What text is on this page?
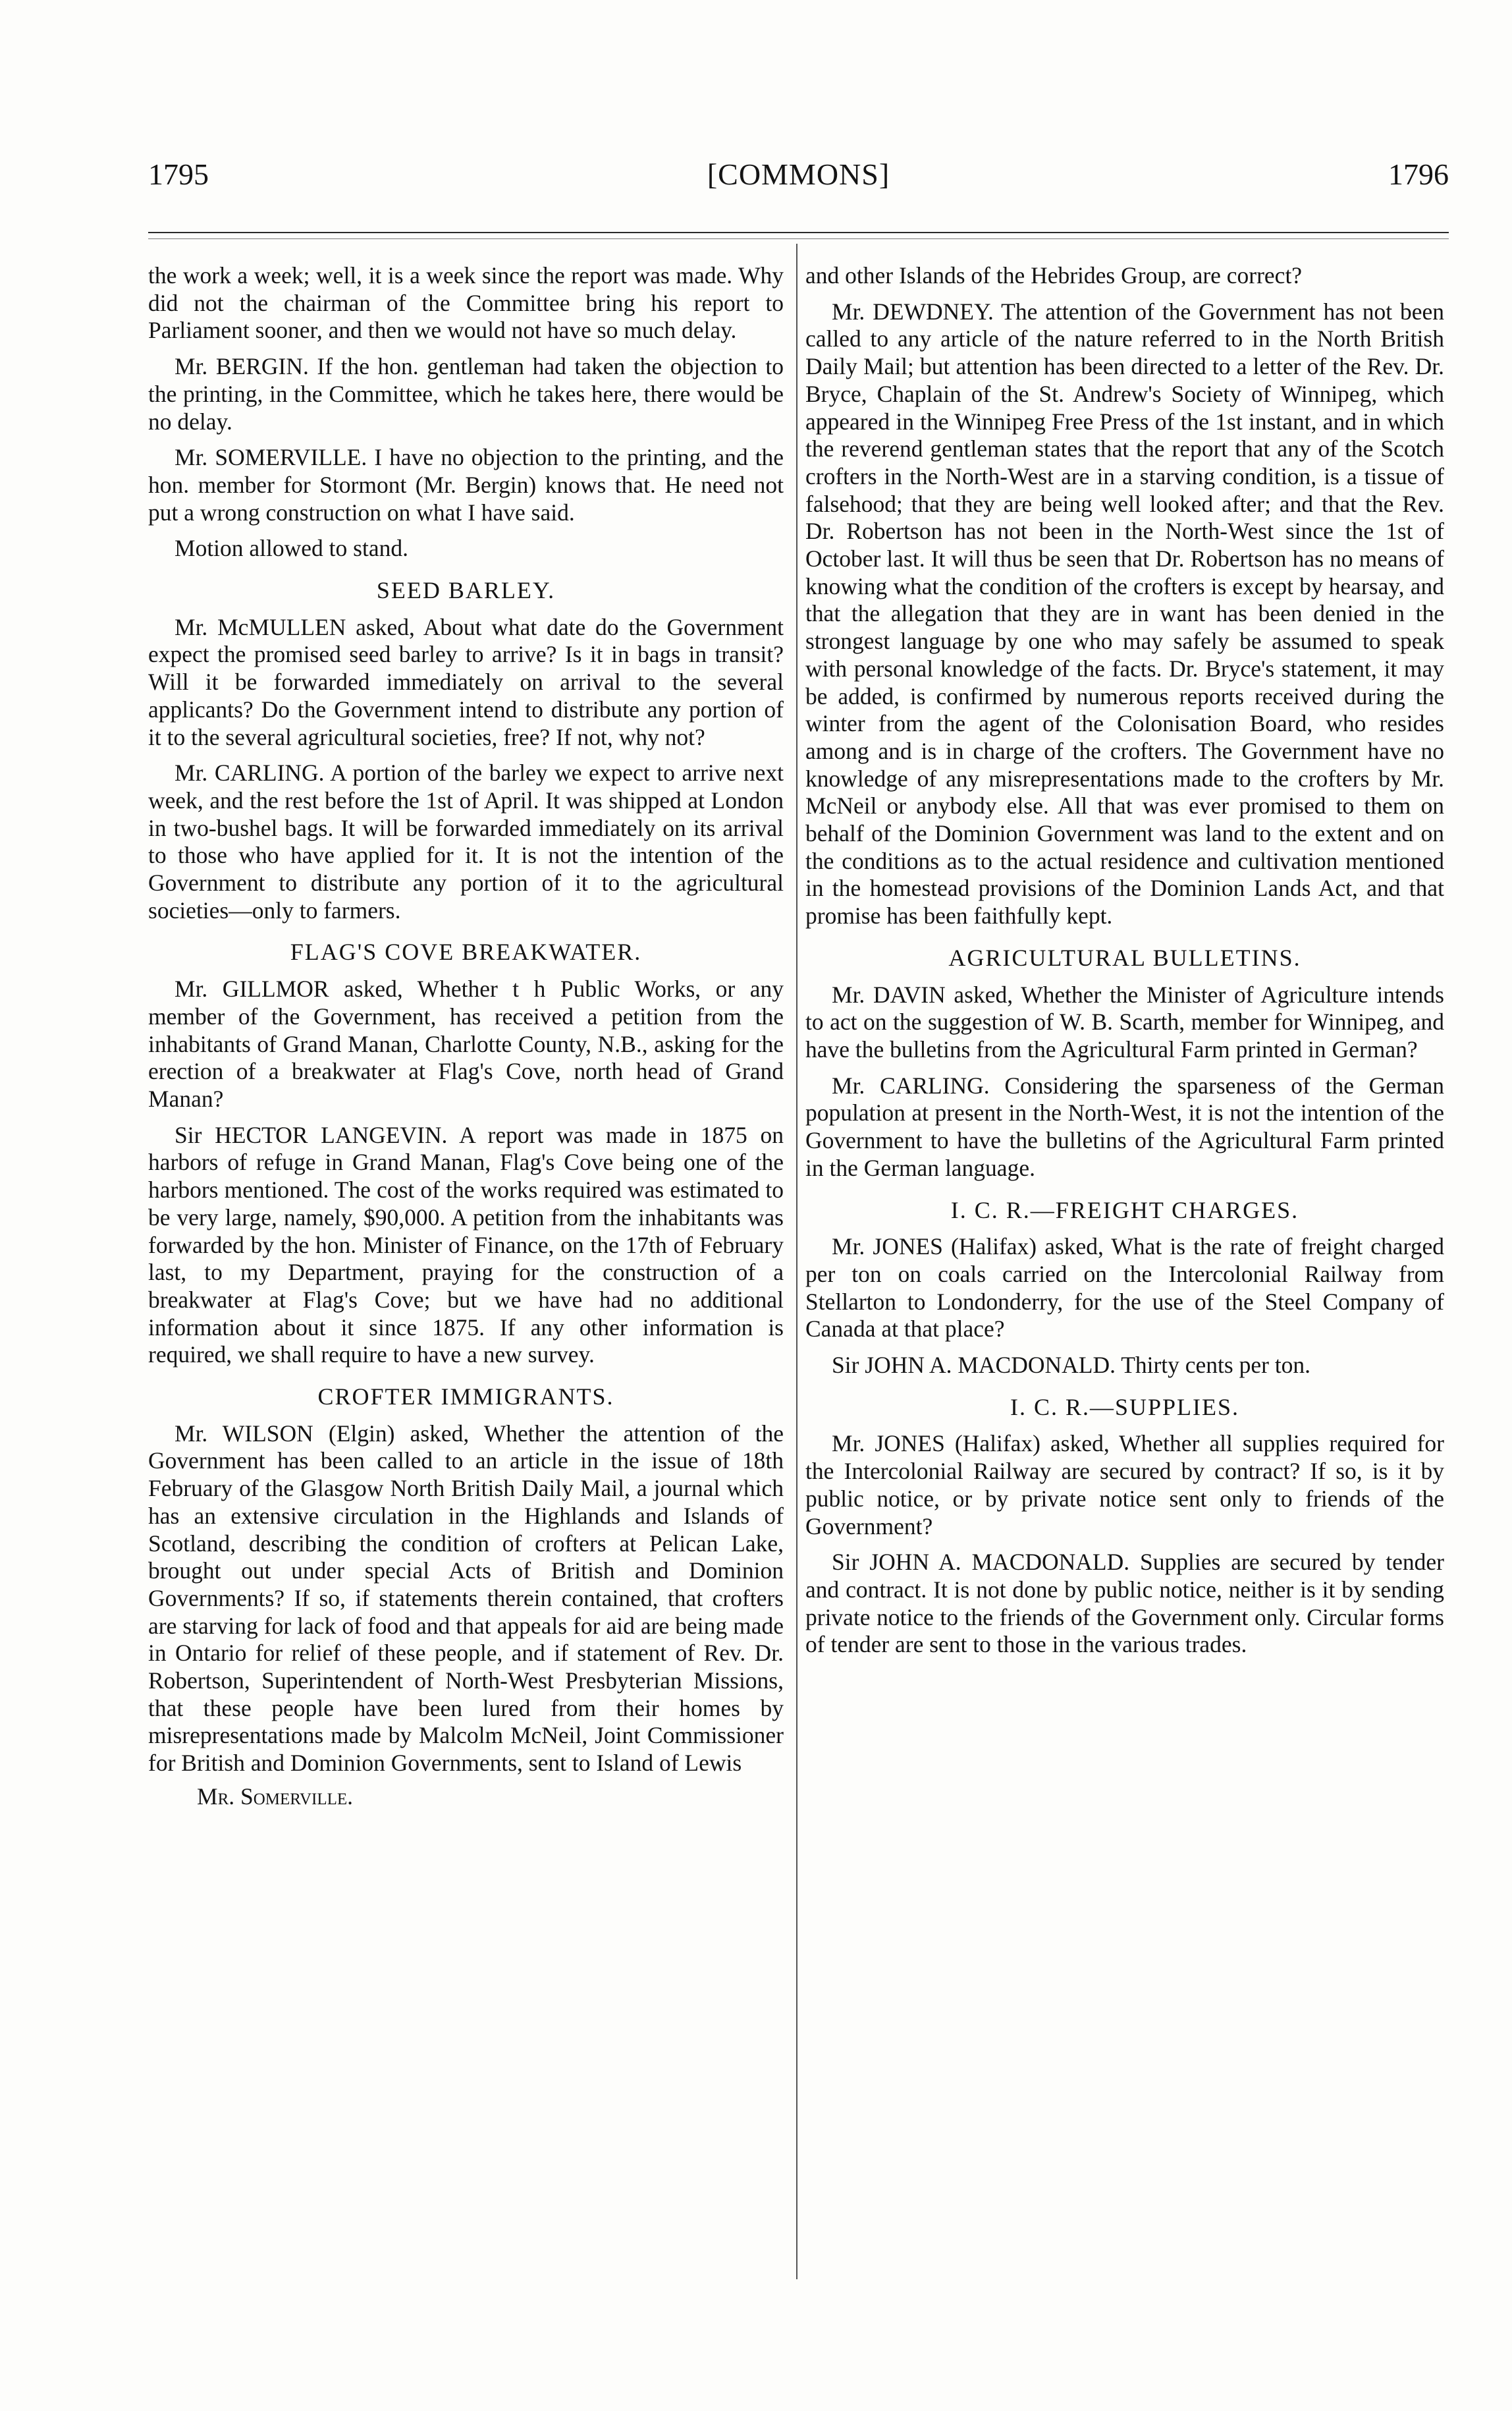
[COMMONS]
1795	1796

the work a week; well, it is a week since the report was made. Why did not the chairman of the Committee bring his report to Parliament sooner, and then we would not have so much delay.

Mr. BERGIN. If the hon. gentleman had taken the objection to the printing, in the Committee, which he takes here, there would be no delay.

Mr. SOMERVILLE. I have no objection to the printing, and the hon. member for Stormont (Mr. Bergin) knows that. He need not put a wrong construction on what I have said.

Motion allowed to stand.

SEED BARLEY.

Mr. McMULLEN asked, About what date do the Government expect the promised seed barley to arrive? Is it in bags in transit? Will it be forwarded immediately on arrival to the several applicants? Do the Government intend to distribute any portion of it to the several agricultural societies, free? If not, why not?

Mr. CARLING. A portion of the barley we expect to arrive next week, and the rest before the 1st of April. It was shipped at London in two-bushel bags. It will be forwarded immediately on its arrival to those who have applied for it. It is not the intention of the Government to distribute any portion of it to the agricultural societies—only to farmers.

FLAG'S COVE BREAKWATER.

Mr. GILLMOR asked, Whether t h Public Works, or any member of the Government, has received a petition from the inhabitants of Grand Manan, Charlotte County, N.B., asking for the erection of a breakwater at Flag's Cove, north head of Grand Manan?

Sir HECTOR LANGEVIN. A report was made in 1875 on harbors of refuge in Grand Manan, Flag's Cove being one of the harbors mentioned. The cost of the works required was estimated to be very large, namely, $90,000. A petition from the inhabitants was forwarded by the hon. Minister of Finance, on the 17th of February last, to my Department, praying for the construction of a breakwater at Flag's Cove; but we have had no additional information about it since 1875. If any other information is required, we shall require to have a new survey.

CROFTER IMMIGRANTS.

Mr. WILSON (Elgin) asked, Whether the attention of the Government has been called to an article in the issue of 18th February of the Glasgow North British Daily Mail, a journal which has an extensive circulation in the Highlands and Islands of Scotland, describing the condition of crofters at Pelican Lake, brought out under special Acts of British and Dominion Governments? If so, if statements therein contained, that crofters are starving for lack of food and that appeals for aid are being made in Ontario for relief of these people, and if statement of Rev. Dr. Robertson, Superintendent of North-West Presbyterian Missions, that these people have been lured from their homes by misrepresentations made by Malcolm McNeil, Joint Commissioner for British and Dominion Governments, sent to Island of Lewis

Mr. Somerville.

and other Islands of the Hebrides Group, are correct?

Mr. DEWDNEY. The attention of the Government has not been called to any article of the nature referred to in the North British Daily Mail; but attention has been directed to a letter of the Rev. Dr. Bryce, Chaplain of the St. Andrew's Society of Winnipeg, which appeared in the Winnipeg Free Press of the 1st instant, and in which the reverend gentleman states that the report that any of the Scotch crofters in the North-West are in a starving condition, is a tissue of falsehood; that they are being well looked after; and that the Rev. Dr. Robertson has not been in the North-West since the 1st of October last. It will thus be seen that Dr. Robertson has no means of knowing what the condition of the crofters is except by hearsay, and that the allegation that they are in want has been denied in the strongest language by one who may safely be assumed to speak with personal knowledge of the facts. Dr. Bryce's statement, it may be added, is confirmed by numerous reports received during the winter from the agent of the Colonisation Board, who resides among and is in charge of the crofters. The Government have no knowledge of any misrepresentations made to the crofters by Mr. McNeil or anybody else. All that was ever promised to them on behalf of the Dominion Government was land to the extent and on the conditions as to the actual residence and cultivation mentioned in the homestead provisions of the Dominion Lands Act, and that promise has been faithfully kept.

AGRICULTURAL BULLETINS.

Mr. DAVIN asked, Whether the Minister of Agriculture intends to act on the suggestion of W. B. Scarth, member for Winnipeg, and have the bulletins from the Agricultural Farm printed in German?

Mr. CARLING. Considering the sparseness of the German population at present in the North-West, it is not the intention of the Government to have the bulletins of the Agricultural Farm printed in the German language.

I. C. R.—FREIGHT CHARGES.

Mr. JONES (Halifax) asked, What is the rate of freight charged per ton on coals carried on the Intercolonial Railway from Stellarton to Londonderry, for the use of the Steel Company of Canada at that place?

Sir JOHN A. MACDONALD. Thirty cents per ton.

I. C. R.—SUPPLIES.

Mr. JONES (Halifax) asked, Whether all supplies required for the Intercolonial Railway are secured by contract? If so, is it by public notice, or by private notice sent only to friends of the Government?

Sir JOHN A. MACDONALD. Supplies are secured by tender and contract. It is not done by public notice, neither is it by sending private notice to the friends of the Government only. Circular forms of tender are sent to those in the various trades.
